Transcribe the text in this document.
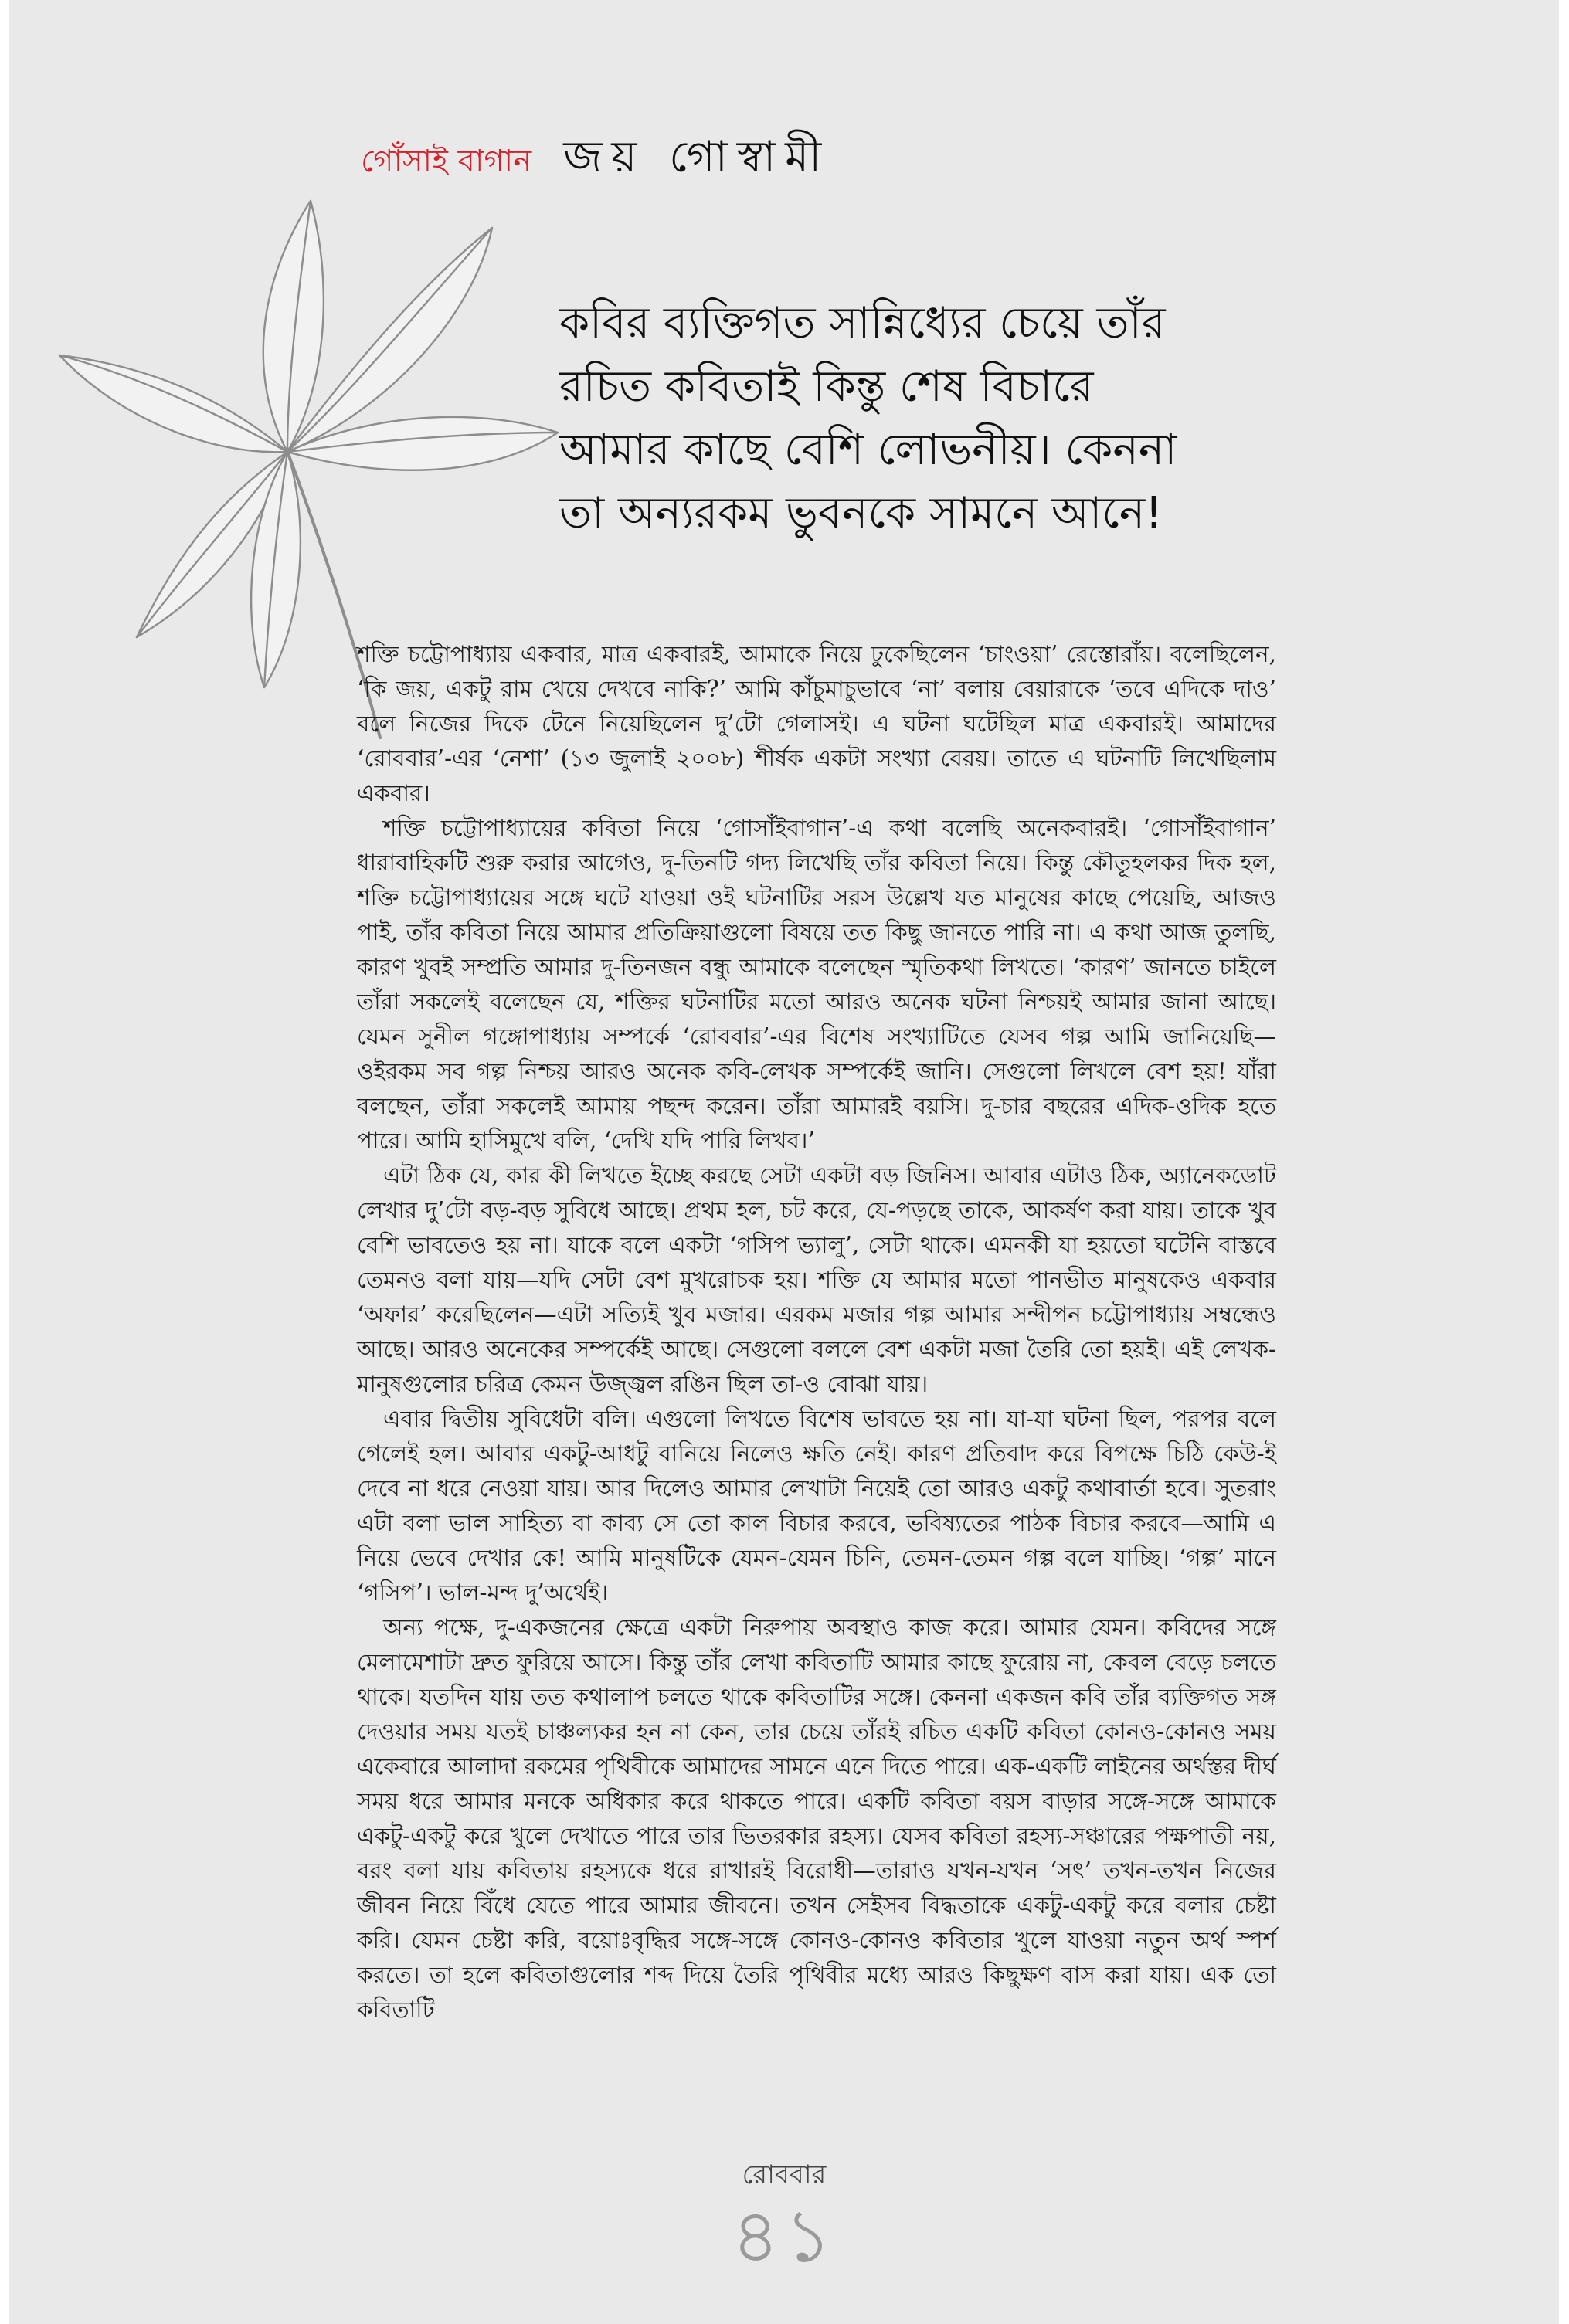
গোঁসাই বাগান জয় গোস্বামী
কবির ব্যক্তিগত সান্নিধ্যের চেয়ে তাঁর
রচিত কবিতাই কিন্তু শেষ বিচারে
আমার কাছে বেশি লোভনীয়। কেননা
তা অন্যরকম ভুবনকে সামনে আনে!

শক্তি চট্টোপাধ্যায় একবার, মাত্র একবারই, আমাকে নিয়ে ঢুকেছিলেন ‘চাংওয়া’ রেস্তোরাঁয়। বলেছিলেন, ‘কি জয়, একটু রাম খেয়ে দেখবে নাকি?’ আমি কাঁচুমাচুভাবে ‘না’ বলায় বেয়ারাকে ‘তবে এদিকে দাও’ বলে নিজের দিকে টেনে নিয়েছিলেন দু’টো গেলাসই। এ ঘটনা ঘটেছিল মাত্র একবারই। আমাদের ‘রোববার’-এর ‘নেশা’ (১৩ জুলাই ২০০৮) শীর্ষক একটা সংখ্যা বেরয়। তাতে এ ঘটনাটি লিখেছিলাম একবার।

শক্তি চট্টোপাধ্যায়ের কবিতা নিয়ে ‘গোসাঁইবাগান’-এ কথা বলেছি অনেকবারই। ‘গোসাঁইবাগান’ ধারাবাহিকটি শুরু করার আগেও, দু-তিনটি গদ্য লিখেছি তাঁর কবিতা নিয়ে। কিন্তু কৌতূহলকর দিক হল, শক্তি চট্টোপাধ্যায়ের সঙ্গে ঘটে যাওয়া ওই ঘটনাটির সরস উল্লেখ যত মানুষের কাছে পেয়েছি, আজও পাই, তাঁর কবিতা নিয়ে আমার প্রতিক্রিয়াগুলো বিষয়ে তত কিছু জানতে পারি না। এ কথা আজ তুলছি, কারণ খুবই সম্প্রতি আমার দু-তিনজন বন্ধু আমাকে বলেছেন স্মৃতিকথা লিখতে। ‘কারণ’ জানতে চাইলে তাঁরা সকলেই বলেছেন যে, শক্তির ঘটনাটির মতো আরও অনেক ঘটনা নিশ্চয়ই আমার জানা আছে। যেমন সুনীল গঙ্গোপাধ্যায় সম্পর্কে ‘রোববার’-এর বিশেষ সংখ্যাটিতে যেসব গল্প আমি জানিয়েছি—ওইরকম সব গল্প নিশ্চয় আরও অনেক কবি-লেখক সম্পর্কেই জানি। সেগুলো লিখলে বেশ হয়! যাঁরা বলছেন, তাঁরা সকলেই আমায় পছন্দ করেন। তাঁরা আমারই বয়সি। দু-চার বছরের এদিক-ওদিক হতে পারে। আমি হাসিমুখে বলি, ‘দেখি যদি পারি লিখব।’

এটা ঠিক যে, কার কী লিখতে ইচ্ছে করছে সেটা একটা বড় জিনিস। আবার এটাও ঠিক, অ্যানেকডোট লেখার দু’টো বড়-বড় সুবিধে আছে। প্রথম হল, চট করে, যে-পড়ছে তাকে, আকর্ষণ করা যায়। তাকে খুব বেশি ভাবতেও হয় না। যাকে বলে একটা ‘গসিপ ভ্যালু’, সেটা থাকে। এমনকী যা হয়তো ঘটেনি বাস্তবে তেমনও বলা যায়—যদি সেটা বেশ মুখরোচক হয়। শক্তি যে আমার মতো পানভীত মানুষকেও একবার ‘অফার’ করেছিলেন—এটা সত্যিই খুব মজার। এরকম মজার গল্প আমার সন্দীপন চট্টোপাধ্যায় সম্বন্ধেও আছে। আরও অনেকের সম্পর্কেই আছে। সেগুলো বললে বেশ একটা মজা তৈরি তো হয়ই। এই লেখক-মানুষগুলোর চরিত্র কেমন উজ্জ্বল রঙিন ছিল তা-ও বোঝা যায়।

এবার দ্বিতীয় সুবিধেটা বলি। এগুলো লিখতে বিশেষ ভাবতে হয় না। যা-যা ঘটনা ছিল, পরপর বলে গেলেই হল। আবার একটু-আধটু বানিয়ে নিলেও ক্ষতি নেই। কারণ প্রতিবাদ করে বিপক্ষে চিঠি কেউ-ই দেবে না ধরে নেওয়া যায়। আর দিলেও আমার লেখাটা নিয়েই তো আরও একটু কথাবার্তা হবে। সুতরাং এটা বলা ভাল সাহিত্য বা কাব্য সে তো কাল বিচার করবে, ভবিষ্যতের পাঠক বিচার করবে—আমি এ নিয়ে ভেবে দেখার কে! আমি মানুষটিকে যেমন-যেমন চিনি, তেমন-তেমন গল্প বলে যাচ্ছি। ‘গল্প’ মানে ‘গসিপ’। ভাল-মন্দ দু’অর্থেই।

অন্য পক্ষে, দু-একজনের ক্ষেত্রে একটা নিরুপায় অবস্থাও কাজ করে। আমার যেমন। কবিদের সঙ্গে মেলামেশাটা দ্রুত ফুরিয়ে আসে। কিন্তু তাঁর লেখা কবিতাটি আমার কাছে ফুরোয় না, কেবল বেড়ে চলতে থাকে। যতদিন যায় তত কথালাপ চলতে থাকে কবিতাটির সঙ্গে। কেননা একজন কবি তাঁর ব্যক্তিগত সঙ্গ দেওয়ার সময় যতই চাঞ্চল্যকর হন না কেন, তার চেয়ে তাঁরই রচিত একটি কবিতা কোনও-কোনও সময় একেবারে আলাদা রকমের পৃথিবীকে আমাদের সামনে এনে দিতে পারে। এক-একটি লাইনের অর্থস্তর দীর্ঘ সময় ধরে আমার মনকে অধিকার করে থাকতে পারে। একটি কবিতা বয়স বাড়ার সঙ্গে-সঙ্গে আমাকে একটু-একটু করে খুলে দেখাতে পারে তার ভিতরকার রহস্য। যেসব কবিতা রহস্য-সঞ্চারের পক্ষপাতী নয়, বরং বলা যায় কবিতায় রহস্যকে ধরে রাখারই বিরোধী—তারাও যখন-যখন ‘সৎ’ তখন-তখন নিজের জীবন নিয়ে বিঁধে যেতে পারে আমার জীবনে। তখন সেইসব বিদ্ধতাকে একটু-একটু করে বলার চেষ্টা করি। যেমন চেষ্টা করি, বয়োঃবৃদ্ধির সঙ্গে-সঙ্গে কোনও-কোনও কবিতার খুলে যাওয়া নতুন অর্থ স্পর্শ করতে। তা হলে কবিতাগুলোর শব্দ দিয়ে তৈরি পৃথিবীর মধ্যে আরও কিছুক্ষণ বাস করা যায়। এক তো কবিতাটি

রোববার
৪১
